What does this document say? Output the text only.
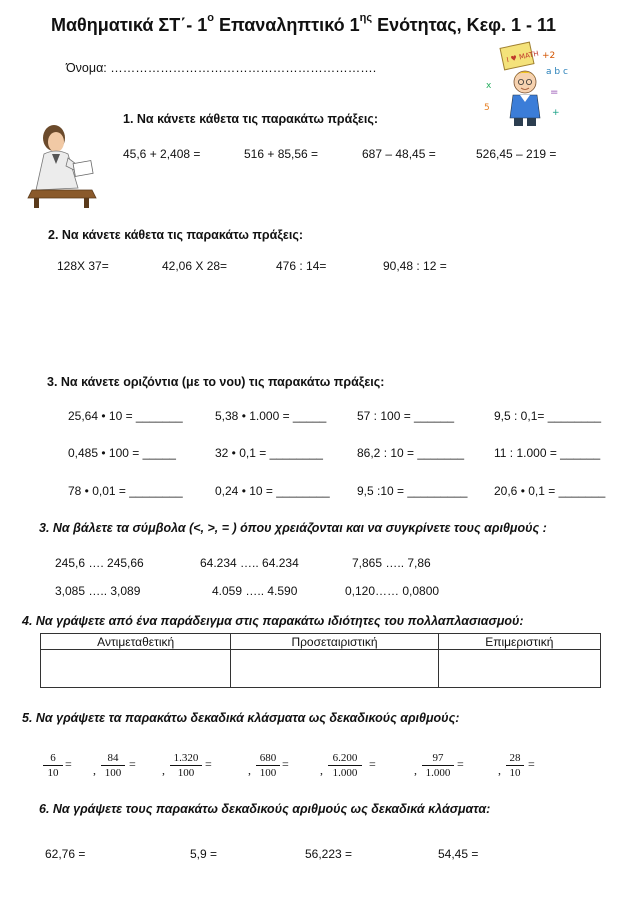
Μαθηματικά ΣΤ΄- $1^o$ Επαναληπτικό $1^{\eta\varsigma}$ Ενότητας, Κεφ. 1 - 11
Όνομα: ……………………………………………………….
I ♥ MATH +2
a b c
x
=
5	+
1. Να κάνετε κάθετα τις παρακάτω πράξεις:
45,6 + 2,408 =	516 + 85,56 =	687 – 48,45 =	526,45 – 219 =
2. Να κάνετε κάθετα τις παρακάτω πράξεις:
128Χ 37=	42,06 Χ 28=	476 : 14=	90,48 : 12 =
3. Να κάνετε οριζόντια (με το νου) τις παρακάτω πράξεις:
25,64 • 10 = _______	5,38 • 1.000 = _____	57 : 100 = ______	9,5 : 0,1= ________
0,485 • 100 = _____	32 • 0,1 = ________	86,2 : 10 = _______ 11 : 1.000 = ______
78 • 0,01 = ________	0,24 • 10 = ________ 9,5 :10 = _________ 20,6 • 0,1 = _______
3. Να βάλετε τα σύμβολα (<, >, = ) όπου χρειάζονται και να συγκρίνετε τους αριθμούς :
245,6 …. 245,66	64.234 ….. 64.234	7,865 ….. 7,86
3,085 ….. 3,089	4.059 ….. 4.590	0,120…… 0,0800
4. Να γράψετε από ένα παράδειγμα στις παρακάτω ιδιότητες του πολλαπλασιασμού:
Αντιμεταθετική	Προσεταιριστική	Επιμεριστική

5. Να γράψετε τα παρακάτω δεκαδικά κλάσματα ως δεκαδικούς αριθμούς:
6
10
= ,
84
100
= ,
1.320
100
=	,
680
100
=	,
6.200
1.000
=	,
97
1.000
=	,
28
10
=
6. Να γράψετε τους παρακάτω δεκαδικούς αριθμούς ως δεκαδικά κλάσματα:
62,76 =	5,9 =	56,223 =	54,45 =
